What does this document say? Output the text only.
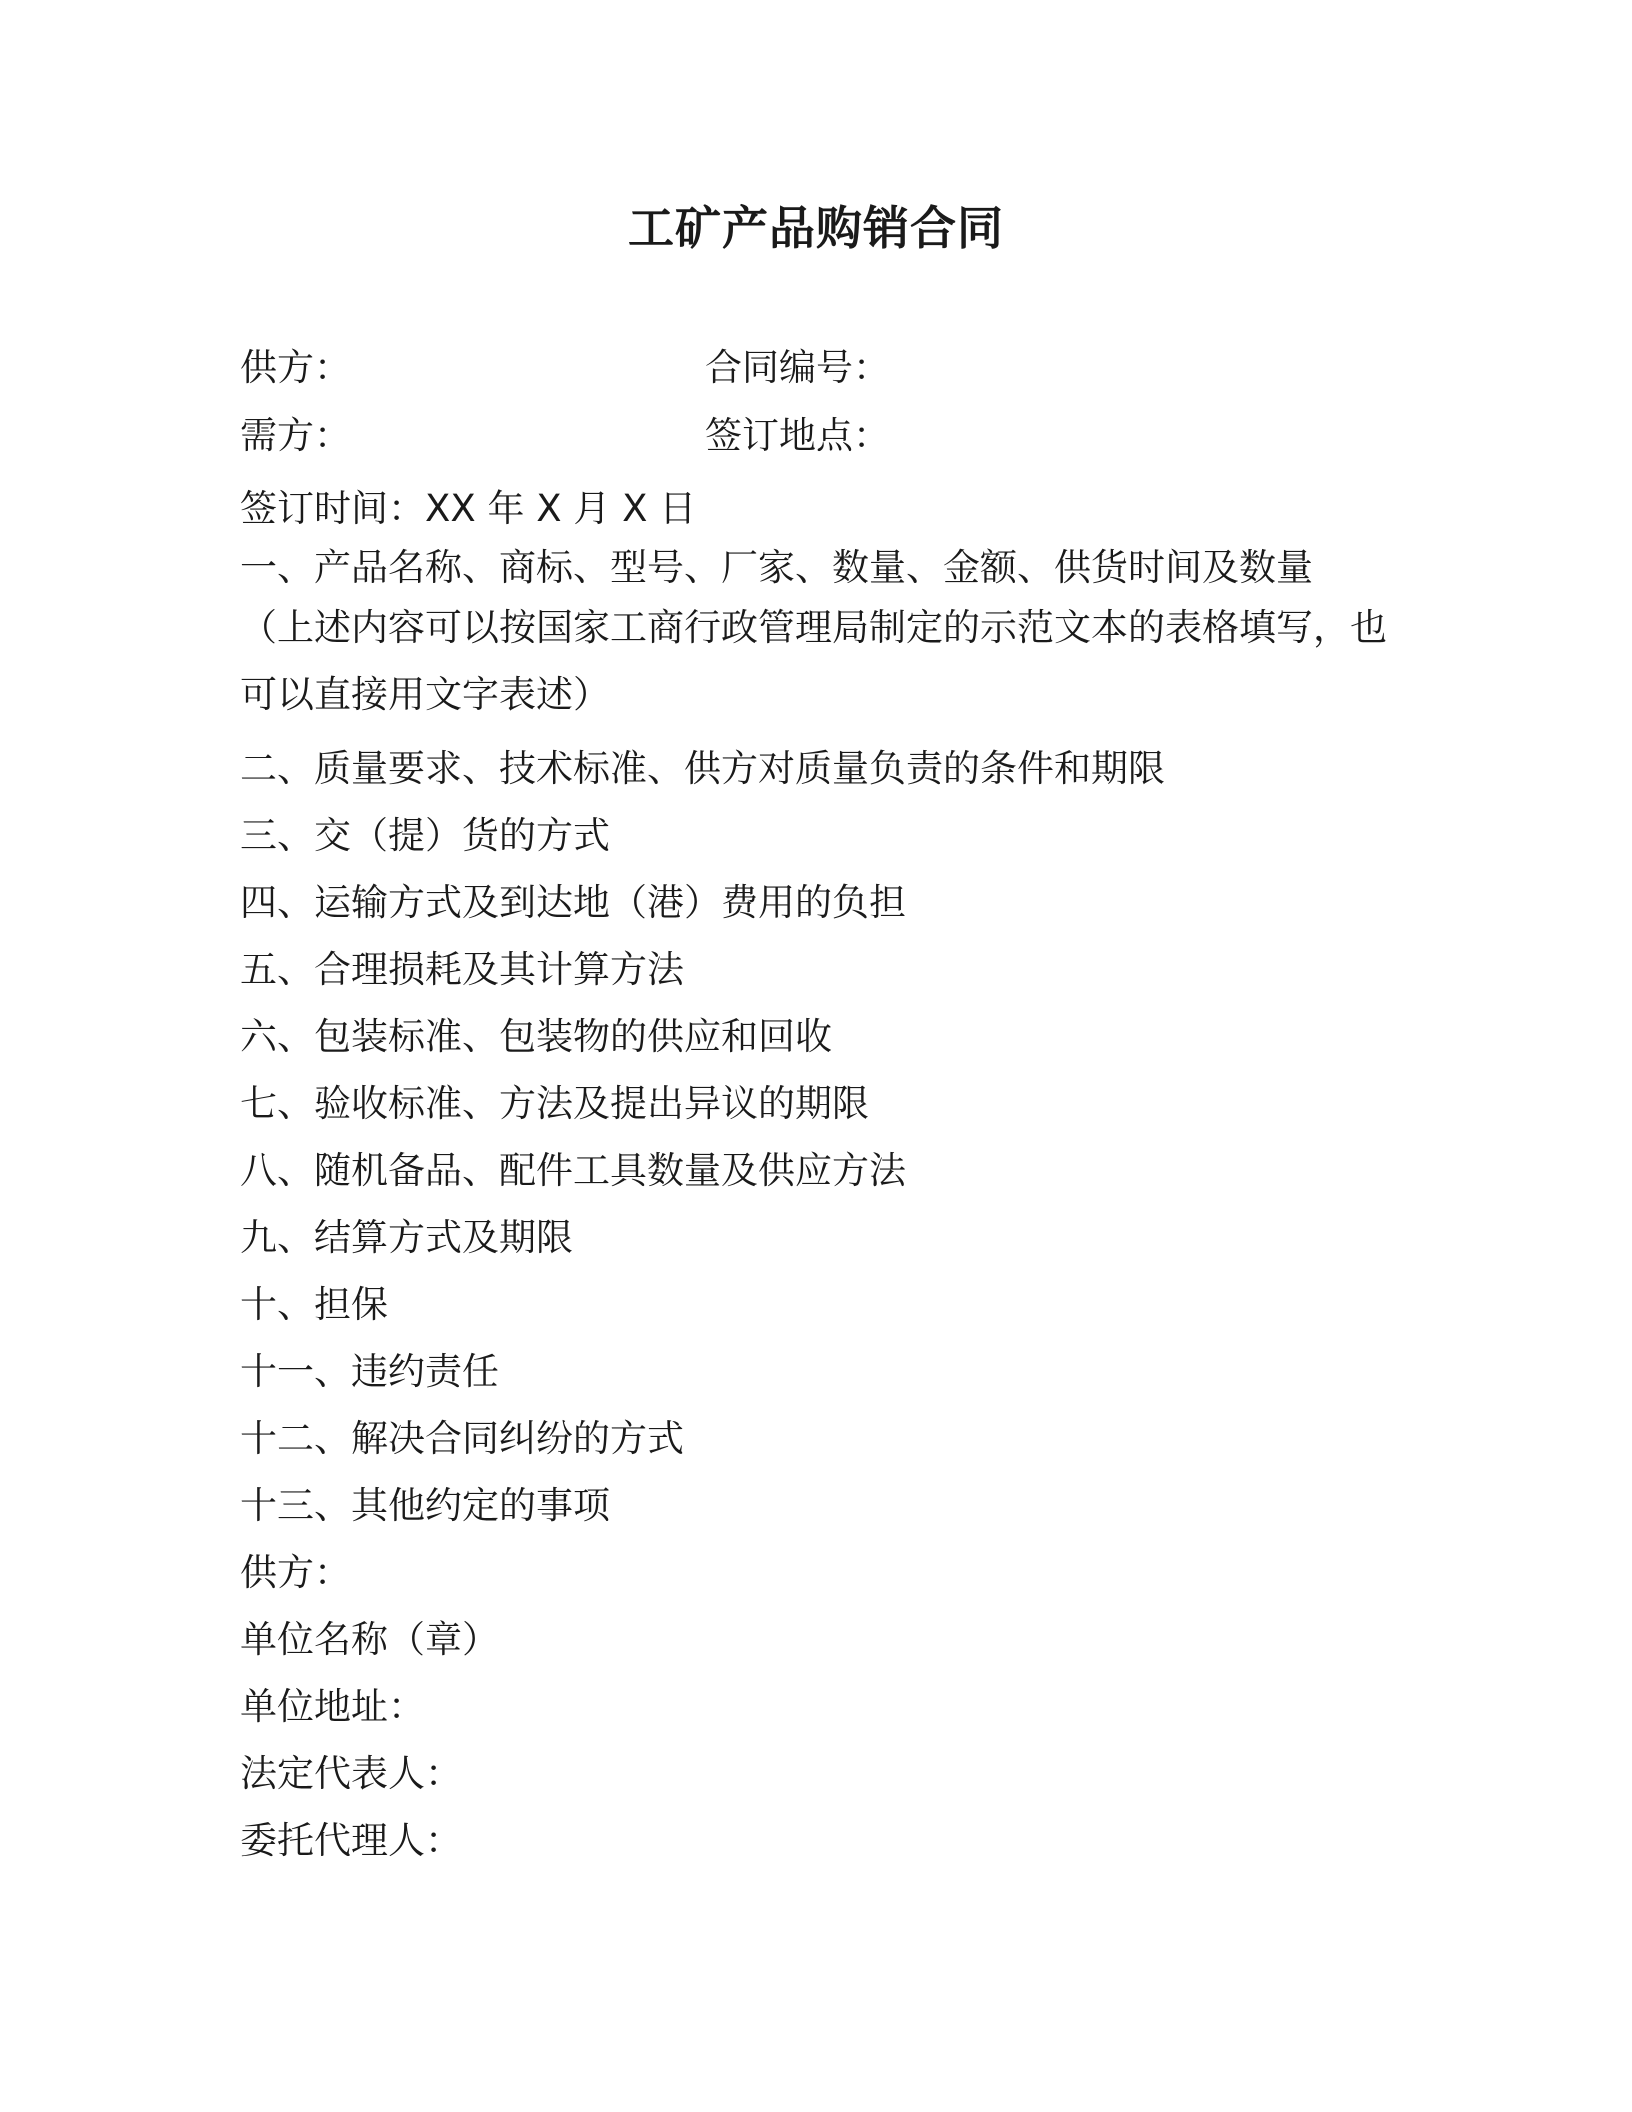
工矿产品购销合同
供方：	合同编号：
需方：	签订地点：
签订时间：XX 年 X 月 X 日
一、产品名称、商标、型号、厂家、数量、金额、供货时间及数量
（上述内容可以按国家工商行政管理局制定的示范文本的表格填写，也可以直接用文字表述）
二、质量要求、技术标准、供方对质量负责的条件和期限
三、交（提）货的方式
四、运输方式及到达地（港）费用的负担
五、合理损耗及其计算方法
六、包装标准、包装物的供应和回收
七、验收标准、方法及提出异议的期限
八、随机备品、配件工具数量及供应方法
九、结算方式及期限
十、担保
十一、违约责任
十二、解决合同纠纷的方式
十三、其他约定的事项
供方：
单位名称（章）
单位地址：
法定代表人：
委托代理人：
